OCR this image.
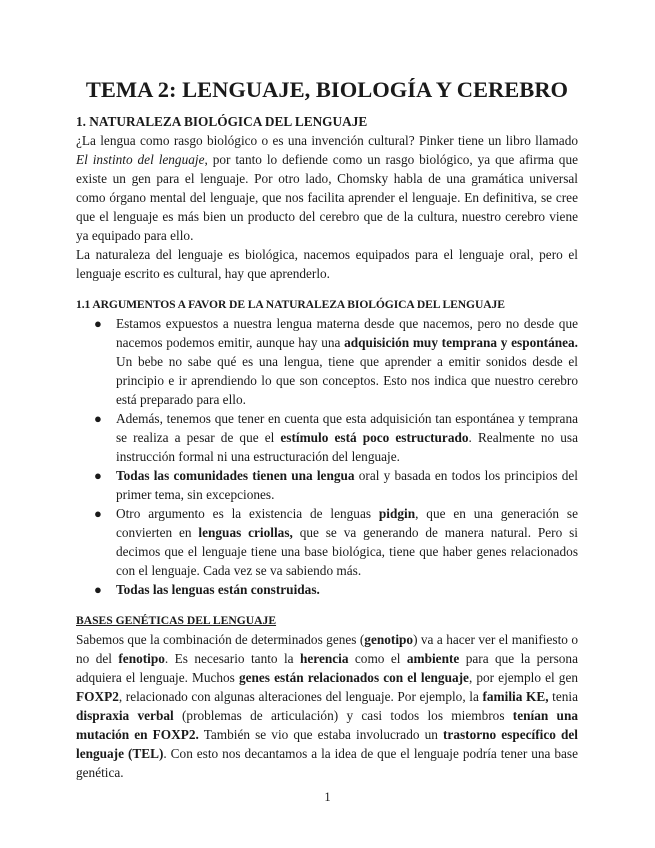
TEMA 2: LENGUAJE, BIOLOGÍA Y CEREBRO
1. NATURALEZA BIOLÓGICA DEL LENGUAJE

¿La lengua como rasgo biológico o es una invención cultural? Pinker tiene un libro llamado El instinto del lenguaje, por tanto lo defiende como un rasgo biológico, ya que afirma que existe un gen para el lenguaje. Por otro lado, Chomsky habla de una gramática universal como órgano mental del lenguaje, que nos facilita aprender el lenguaje. En definitiva, se cree que el lenguaje es más bien un producto del cerebro que de la cultura, nuestro cerebro viene ya equipado para ello.

La naturaleza del lenguaje es biológica, nacemos equipados para el lenguaje oral, pero el lenguaje escrito es cultural, hay que aprenderlo.

1.1 ARGUMENTOS A FAVOR DE LA NATURALEZA BIOLÓGICA DEL LENGUAJE
● Estamos expuestos a nuestra lengua materna desde que nacemos, pero no desde que nacemos podemos emitir, aunque hay una adquisición muy temprana y espontánea. Un bebe no sabe qué es una lengua, tiene que aprender a emitir sonidos desde el principio e ir aprendiendo lo que son conceptos. Esto nos indica que nuestro cerebro está preparado para ello.
● Además, tenemos que tener en cuenta que esta adquisición tan espontánea y temprana se realiza a pesar de que el estímulo está poco estructurado. Realmente no usa instrucción formal ni una estructuración del lenguaje.
● Todas las comunidades tienen una lengua oral y basada en todos los principios del primer tema, sin excepciones.
● Otro argumento es la existencia de lenguas pidgin, que en una generación se convierten en lenguas criollas, que se va generando de manera natural. Pero si decimos que el lenguaje tiene una base biológica, tiene que haber genes relacionados con el lenguaje. Cada vez se va sabiendo más.
● Todas las lenguas están construidas.
BASES GENÉTICAS DEL LENGUAJE

Sabemos que la combinación de determinados genes (genotipo) va a hacer ver el manifiesto o no del fenotipo. Es necesario tanto la herencia como el ambiente para que la persona adquiera el lenguaje. Muchos genes están relacionados con el lenguaje, por ejemplo el gen FOXP2, relacionado con algunas alteraciones del lenguaje. Por ejemplo, la familia KE, tenia dispraxia verbal (problemas de articulación) y casi todos los miembros tenían una mutación en FOXP2. También se vio que estaba involucrado un trastorno específico del lenguaje (TEL). Con esto nos decantamos a la idea de que el lenguaje podría tener una base genética.

1
